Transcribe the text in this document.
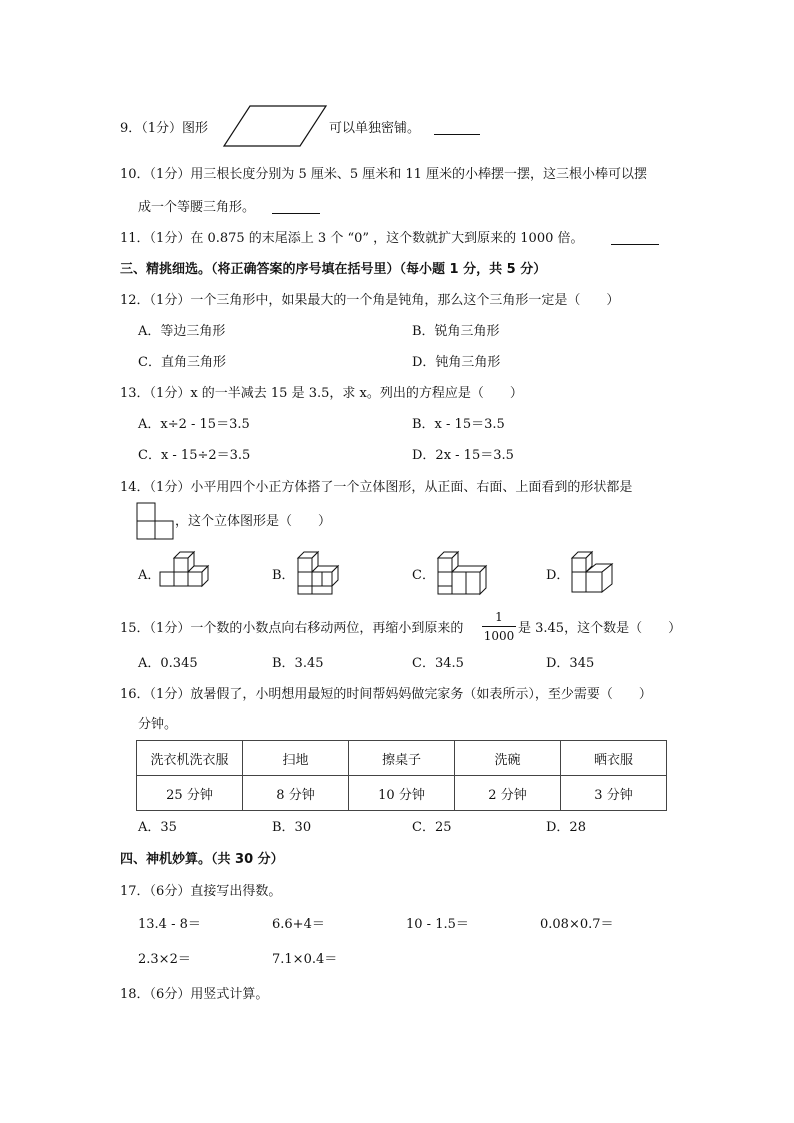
9．（1分）图形	可以单独密铺。
10．（1分）用三根长度分别为 5 厘米、5 厘米和 11 厘米的小棒摆一摆，这三根小棒可以摆
成一个等腰三角形。
11．（1分）在 0.875 的末尾添上 3 个 “0” ，这个数就扩大到原来的 1000 倍。
三、精挑细选。（将正确答案的序号填在括号里）（每小题 1 分，共 5 分）
12．（1分）一个三角形中，如果最大的一个角是钝角，那么这个三角形一定是（　　）
A．等边三角形	B．锐角三角形
C．直角三角形	D．钝角三角形
13．（1分）x 的一半减去 15 是 3.5，求 x。列出的方程应是（　　）
A．x÷2 - 15＝3.5	B．x - 15＝3.5
C．x - 15÷2＝3.5	D．2x - 15＝3.5
14．（1分）小平用四个小正方体搭了一个立体图形，从正面、右面、上面看到的形状都是
，这个立体图形是（　　）
A．	B．	C．	D．
15．（1分）一个数的小数点向右移动两位，再缩小到原来的 $\frac{1}{1000}$ 是 3.45，这个数是（　　）
A．0.345	B．3.45	C．34.5	D．345
16．（1分）放暑假了，小明想用最短的时间帮妈妈做完家务（如表所示），至少需要（　　）
分钟。
洗衣机洗衣服	扫地	擦桌子	洗碗	晒衣服
25 分钟	8 分钟	10 分钟	2 分钟	3 分钟
A．35	B．30	C．25	D．28
四、神机妙算。（共 30 分）
17．（6分）直接写出得数。
13.4 - 8＝	6.6+4＝	10 - 1.5＝	0.08×0.7＝
2.3×2＝	7.1×0.4＝
18．（6分）用竖式计算。
